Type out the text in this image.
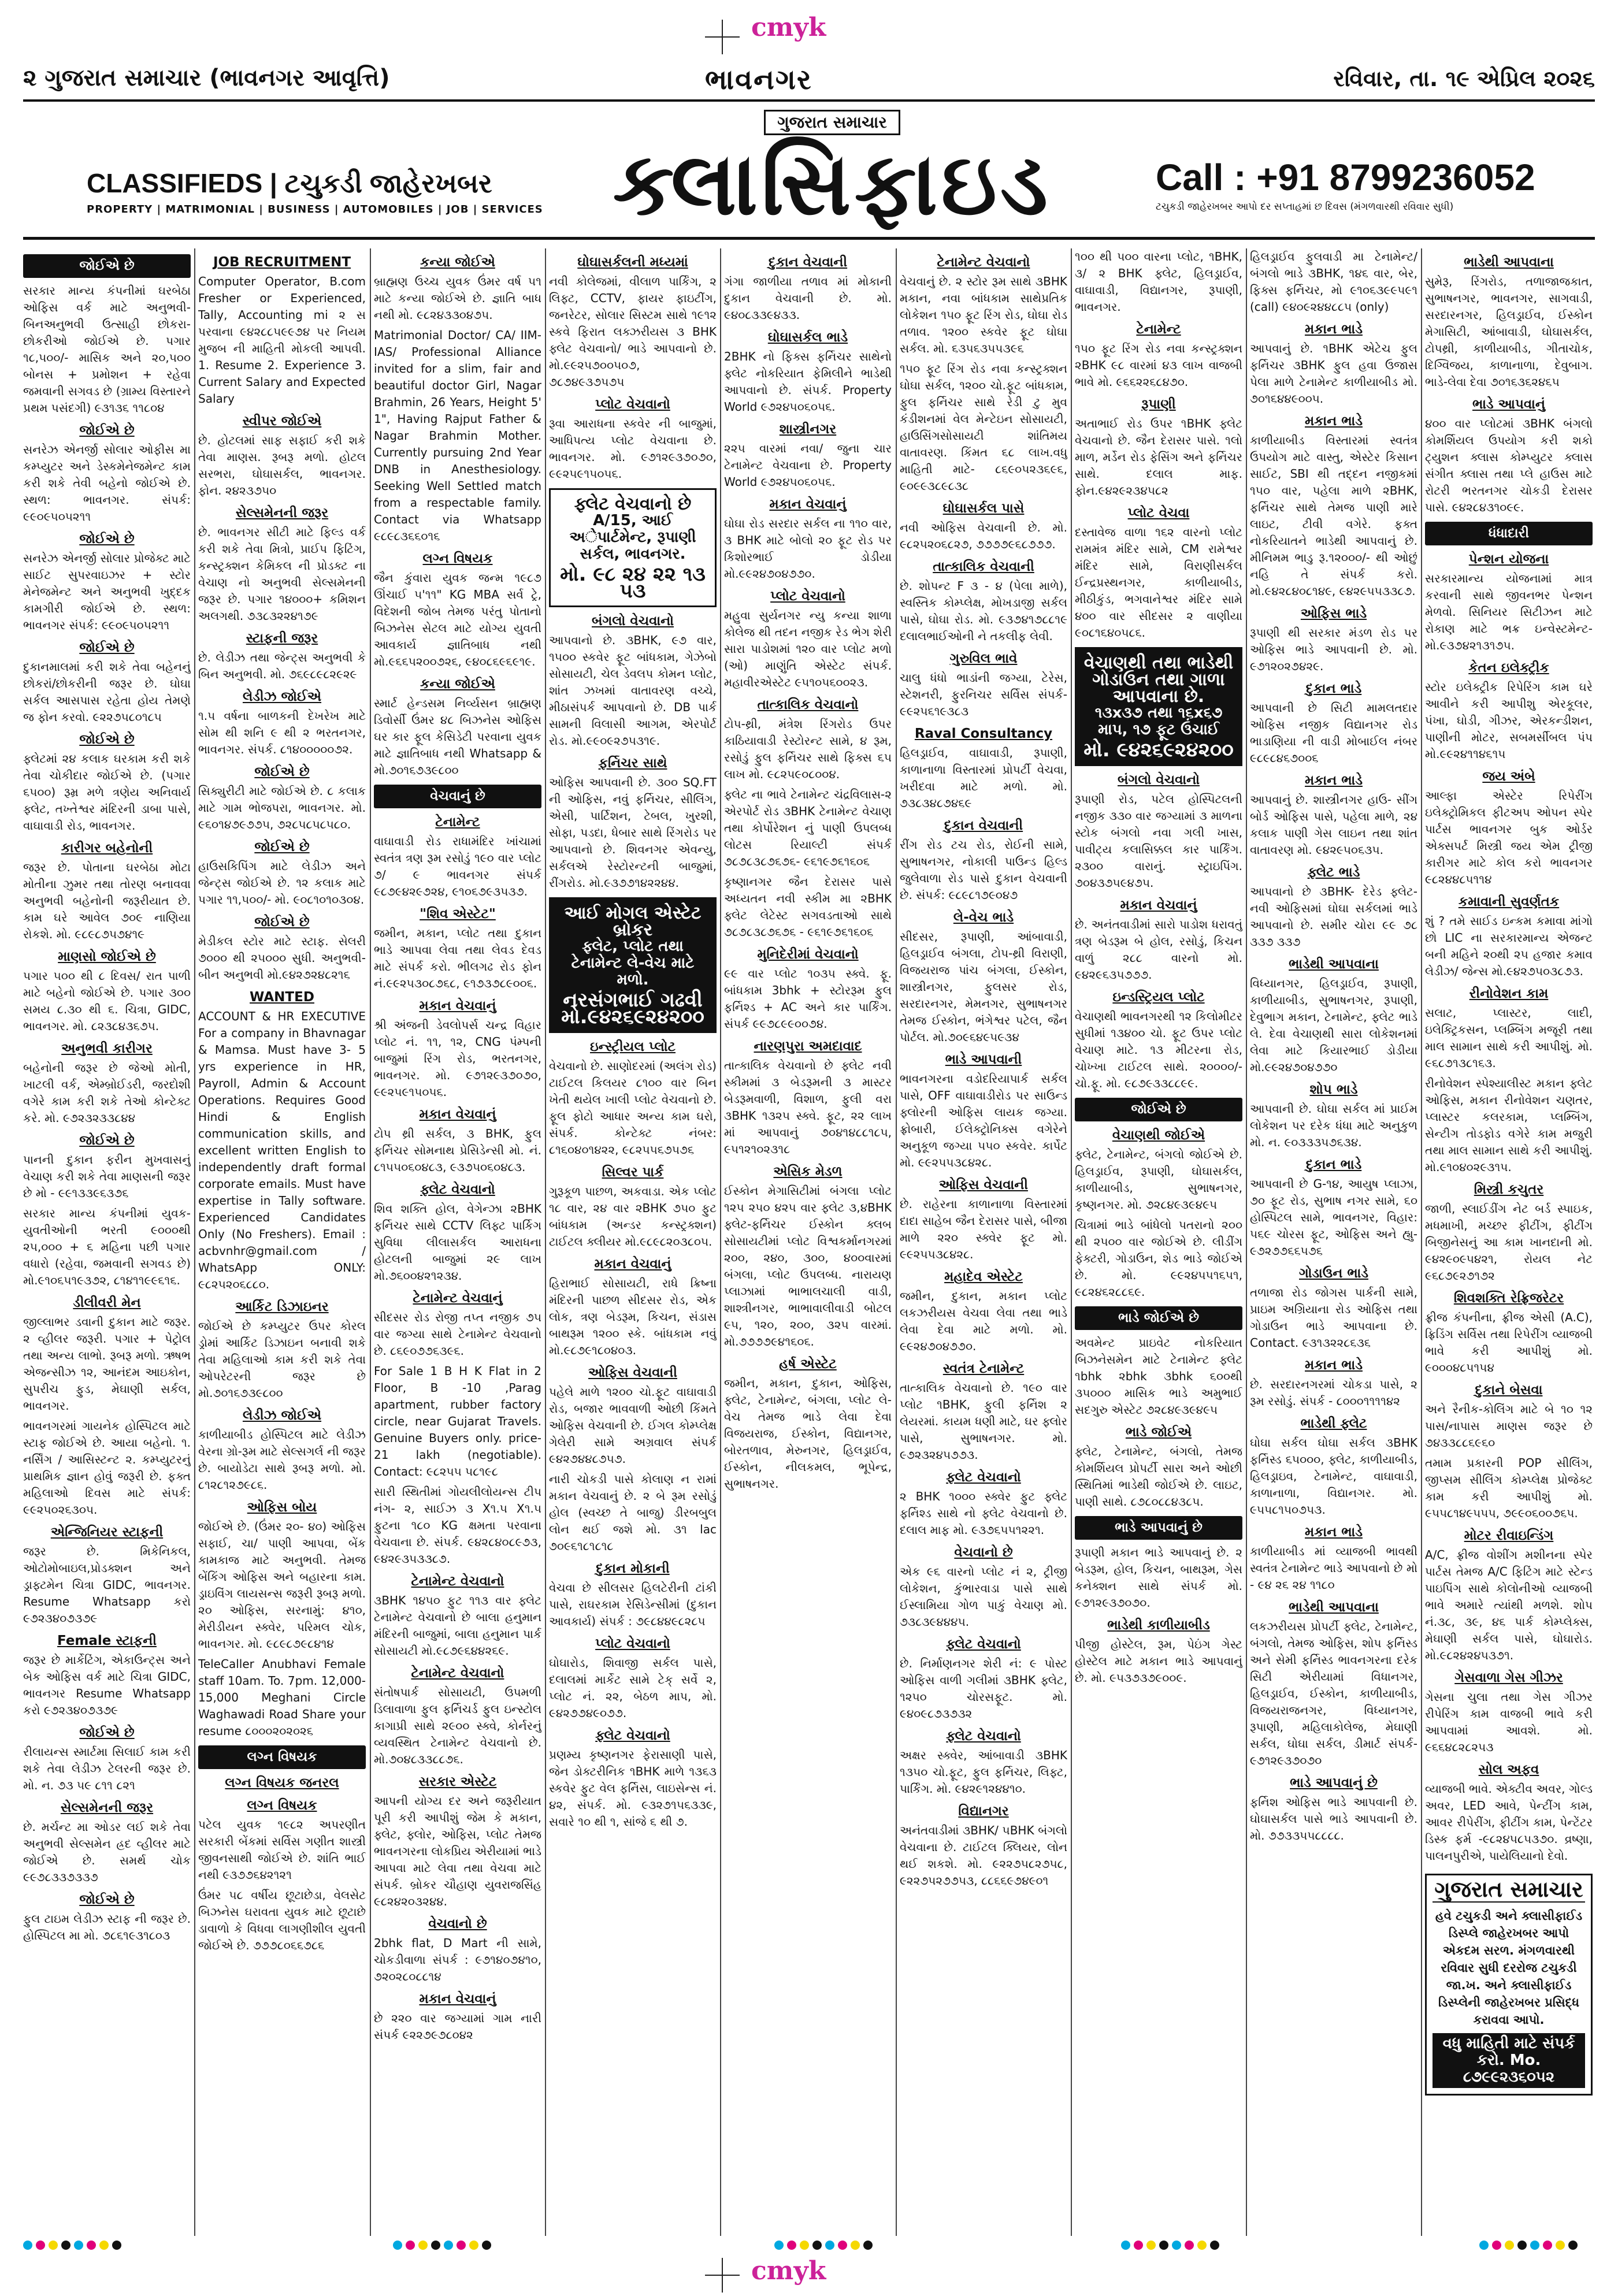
cmyk
૨ ગુજરાત સમાચાર (ભાવનગર આવૃત્તિ)	ભાવનગર	રવિવાર, તા. ૧૯ એપ્રિલ ૨૦૨૬
CLASSIFIEDS | ટચુકડી જાહેરખબર
PROPERTY | MATRIMONIAL | BUSINESS | AUTOMOBILES | JOB | SERVICES
ગુજરાત સમાચાર
ક્લાસિફાઇડ	Call : +91 8799236052
ટચુકડી જાહેરખબર આપો દર સપ્તાહમાં છ દિવસ (મંગળવારથી રવિવાર સુધી)
જોઈએ છે
સરકાર માન્ય કંપનીમાં ઘરબેઠા ઓફિસ વર્ક માટે અનુભવી-બિનઅનુભવી ઉત્સાહી છોકરા-છોકરીઓ જોઈએ છે. પગાર ૧૮,૫૦૦/- માસિક અને ૨૦,૫૦૦ બોનસ + પ્રમોશન + રહેવા જમવાની સગવડ છે (ગ્રામ્ય વિસ્તારને પ્રથમ પસંદગી) ૯૩૧૩૬ ૧૧૮૦૪
જોઈએ છે
સનરેઝ એનર્જી સોલાર ઓફીસ મા કમ્પ્યુટર અને ડેસ્કમેનેજમેન્ટ કામ કરી શકે તેવી બહેનો જોઈએ છે. સ્થળ: ભાવનગર. સંપર્ક: ૯૯૦૯૫૦૫૨૧૧
જોઈએ છે
સનરેઝ એનર્જી સોલાર પ્રોજેક્ટ માટે સાઈટ સુપરવાઇઝર + સ્ટોર મેનેજમેન્ટ અને અનુભવી ખુદ્દક કામગીરી જોઈએ છે. સ્થળ: ભાવનગર સંપર્ક: ૯૯૦૯૫૦૫૨૧૧
જોઈએ છે
દુકાનમાલમાં કરી શકે તેવા બહેનનું છોકરાં/છોકરીની જરૂર છે. ઘોઘા સર્કલ આસપાસ રહેતા હોય તેમણે જ ફોન કરવો. ૯૨૨૭૫૮૦૧૮૫
જોઈએ છે
ફ્લેટમાં ૨૪ કલાક ઘરકામ કરી શકે તેવા ચોકીદાર જોઈએ છે. (પગાર ૬૫૦૦) રૂમ્ર મળે ત્રણેય અનિવાર્ય ફ્લેટ, તખ્તેશ્વર મંદિરની ડાબા પાસે, વાઘાવાડી રોડ, ભાવનગર.
કારીગર બહેનોની
જરૂર છે. પોતાના ઘરબેઠા મોટા મોતીના ઝુમર તથા તોરણ બનાવવા અનુભવી બહેનોની જરૂરીયાત છે. કામ ઘરે આવેલ ૭૦૯ નાણિયા રોકશે. મો. ૯૮૯૮૭૫૭૪૧૯
માણસો જોઈએ છે
પગાર ૫૦૦ થી ૮ દિવસ/ રાત પાળી માટે બહેનો જોઈએ છે. પગાર ૩૦૦ સમય ૮.૩૦ થી ૬. ચિત્રા, GIDC, ભાવનગર. મો. ૮૨૩૮૪૩૬૭૫.
અનુભવી કારીગર
બહેનોની જરૂર છે જેઓ મોતી, ખાટલી વર્ક, એમ્બ્રોઈડરી, જરદોશી વગેરે કામ કરી શકે તેઓ કોન્ટેક્ટ કરે. મો. ૯૭૨૩૨૩૩૮૪૪
જોઈએ છે
પાનની દુકાન ફરીન મુખવાસનું વેચાણ કરી શકે તેવા માણસની જરૂર છે મો - ૯૯૧૩૩૯૬૩૭૬
સરકાર માન્ય કંપનીમાં યુવક-યુવતીઓની ભરતી ૯૦૦૦થી ૨૫,૦૦૦ + ૬ મહિના પછી પગાર વધારો (રહેવા, જમવાની સગવડ છે) મો.૯૧૦૬૫૧૯૩૭૨, ૮૧૪૧૧૯૯૬૧૬.
ડીલીવરી મેન
જીલ્લાભર ડવાની દુકાન માટે જરૂર. ૨ વ્હીલર જરૂરી. પગાર + પેટ્રોલ તથા અન્ય લાભો. રૂબરૂ મળો. ઋષભ એજન્સીઝ ૧૨, આનંદમ આઇકોન, સુપરીચ ફુડ, મેઘાણી સર્કલ, ભાવનગર.
ભાવનગરમાં ગાયનેક હોસ્પિટલ માટે સ્ટાફ જોઈએ છે. આયા બહેનો. ૧. નર્સિંગ / આસિસ્ટન્ટ ૨. કમ્પ્યુટરનું પ્રાથમિક જ્ઞાન હોવું જરૂરી છે. ફક્ત મહિલાઓ દિવસ માટે સંપર્ક: ૯૯૨૫૦૨૬૩૦૫.
એન્જિનિયર સ્ટાફની
જરૂર છે. મિકેનિકલ, ઓટોમોબાઇલ,પ્રોડક્શન અને ડ્રાફ્ટમેન ચિત્રા GIDC, ભાવનગર. Resume Whatsapp કરો ૯૭૨૩૪૦૭૩૭૯
Female સ્ટાફની
જરૂર છે માર્કેટિંગ, એકાઉન્ટ્સ અને બેક ઓફિસ વર્ક માટે ચિત્રા GIDC, ભાવનગર Resume Whatsapp કરો ૯૭૨૩૪૦૭૩૭૯
જોઈએ છે
રીલાયન્સ સ્માર્ટમા સિલાઈ કામ કરી શકે તેવા લેડીઝ ટેલરની જરૂર છે. મો. ન. ૭૩ ૫૯ ૮૧૧ ૮૨૧
સેલ્સમેનની જરૂર
છે. મર્ચન્ટ મા ઓડર લઈ શકે તેવા અનુભવી સેલ્સમેન હ્રદ વ્હીલર માટે જોઈએ છે. સમર્થ ચોક ૯૯૭૮૩૩૭૩૩૭
જોઈએ છે
ફુલ ટાઇમ લેડીઝ સ્ટાફ ની જરૂર છે. હોસ્પિટલ મા મો. ૭૮૬૧૯૩૧૮૦૩
JOB RECRUITMENT
Computer Operator, B.com Fresher or Experienced, Tally, Accounting mi ૨ સ પરવાના ૯૪૨૮૮૫૯૯૭૪ પર નિયમ મુજબ ની માહિતી મોકલી આપવી. 1. Resume 2. Experience 3. Current Salary and Expected Salary
સ્વીપર જોઈએ
છે. હોટલમાં સાફ સફાઈ કરી શકે તેવા માણસ. રૂબરૂ મળો. હોટલ સરભરા, ઘોઘાસર્કલ, ભાવનગર. ફોન. ૨૪૨૩૭૫૦
સેલ્સમેનની જરૂર
છે. ભાવનગર સીટી માટે ફિલ્ડ વર્ક કરી શકે તેવા મિત્રો, પ્રાઈપ ફિટિંગ, કન્સ્ટ્રક્શન કેમિકલ ની પ્રોડક્ટ ના વેચાણ નો અનુભવી સેલ્સમેનની જરૂર છે. પગાર ૧૪૦૦૦+ કમિશન અલગથી. ૭૩૮૩૨૨૪૧૭૯
સ્ટાફની જરૂર
છે. લેડીઝ તથા જેન્ટ્સ અનુભવી કે બિન અનુભવી. મો. ૭૬૯૮૯૮૨૯૨૯
લેડીઝ જોઈએ
૧.૫ વર્ષના બાળકની દેખરેખ માટે સોમ થી શનિ ૯ થી ૨ ભરતનગર, ભાવનગર. સંપર્ક. ૮૧૪૦૦૦૦૦૭૨.
જોઈએ છે
સિક્યુરીટી માટે જોઈએ છે. ૮ કલાક માટે ગામ ભોજપરા, ભાવનગર. મો. ૯૬૦૧૪૭૯૭૭૫, ૭૨૮૫૮૫૮૫૮૦.
જોઈએ છે
હાઉસકિપિંગ માટે લેડીઝ અને જેન્ટ્સ જોઈએ છે. ૧૨ કલાક માટે પગાર ૧૧,૫૦૦/- મો. ૯૦૮૧૦૧૦૩૦૪.
જોઈએ છે
મેડીકલ સ્ટોર માટે સ્ટાફ. સેલરી ૭૦૦૦ થી ૨૫૦૦૦ સુધી. અનુભવી- બીન અનુભવી મો.૯૪૨૭૨૪૮૨૧૬
WANTED
ACCOUNT & HR EXECUTIVE For a company in Bhavnagar & Mamsa. Must have 3- 5 yrs experience in HR, Payroll, Admin & Account Operations. Requires Good Hindi & English communication skills, and excellent written English to independently draft formal corporate emails. Must have expertise in Tally software. Experienced Candidates Only (No Freshers). Email : acbvnhr@gmail.com / WhatsApp ONLY: ૯૮૨૫૨૦૬૮૮૦.
આર્કિટ ડિઝાઇનર
જોઈએ છે કમ્પ્યુટર ઉપર કોરલ ડ્રોમાં આર્કિટ ડિઝાઇન બનાવી શકે તેવા મહિલાઓ કામ કરી શકે તેવા ઓપરેટરની જરૂર છે મો.૭૦૧૬૭૩૯૮૦૦
લેડીઝ જોઈએ
કાળીયાબીડ હોસ્પિટલ માટે લેડીઝ વેરના ગ્રો-રૂમ માટે સેલ્સગર્લ ની જરૂર છે. બાયોડેટા સાથે રૂબરૂ મળો. મો. ૮૧૨૮૧૨૭૯૮૬.
ઓફિસ બોય
જોઈએ છે. (ઉંમર ૨૦- ૪૦) ઓફિસ સફાઈ, ચા/ પાણી આપવા, બેંક કામકાજ માટે અનુભવી. તેમજ બેંકિંગ ઓફિસ અને બહારના કામ. ડ્રાઇવિંગ લાયસન્સ જરૂરી રૂબરૂ મળો. ૨૦ ઓફિસ, સરનામું: ૪૧૦, મેરીડીયન સ્ક્વેર, પરિમલ ચોક, ભાવનગર. મો. ૯૮૯૮૭૯૮૪૧૪
TeleCaller Anubhavi Female staff 10am. To. 7pm. 12,000-15,000 Meghani Circle Waghawadi Road Share your resume ૮૦૦૦૨૦૨૦૨૬
લગ્ન વિષયક
લગ્ન વિષયક જનરલ
લગ્ન વિષયક
પટેલ યુવક ૧૯૮૨ અપરણીત સરકારી બેંકમાં સર્વિસ ગણીત શાસ્ત્રી જીવનસાથી જોઈએ છે. શાંતિ ભાઈ નથી ૯૩૭૭૬૪૨૧૨૧
ઉંમર ૫૮ વર્ષીય છૂટાછેડા, વેલસેટ બિઝનેસ ઘરાવતા યુવક માટે છૂટાછે ડાવાળો કે વિધવા લાગણીશીલ યુવતી જોઈએ છે. ૭૭૭૮૦૬૬૭૮૬
કન્યા જોઈએ
બ્રાહ્મણ ઉચ્ચ યુવક ઉંમર વર્ષ ૫૧ માટે કન્યા જોઈએ છે. જ્ઞાતિ બાધ નથી મો. ૯૮૨૪૩૩૦૪૭૫.
Matrimonial Doctor/ CA/ IIM- IAS/ Professional Alliance invited for a slim, fair and beautiful doctor Girl, Nagar Brahmin, 26 Years, Height 5' 1", Having Rajput Father & Nagar Brahmin Mother. Currently pursuing 2nd Year DNB in Anesthesiology. Seeking Well Settled match from a respectable family. Contact via Whatsapp ૯૮૯૮૩૬૬૦૧૬
લગ્ન વિષયક
જૈન કુંવારા યુવક જન્મ ૧૯૮૭ ઊંચાઈ ૫'૧૧" KG MBA સર્વ ટ્રે, વિદેશની જોબ તેમજ પરંતુ પોતાનો બિઝનેસ સેટલ માટે યોગ્ય યુવતી આવકાર્ય જ્ઞાતિબાધ નથી મો.૯૬૬૫૨૦૦૭૨૬, ૯૪૦૮૬૯૬૯૧૯.
કન્યા જોઈએ
સ્માર્ટ હેન્ડસમ નિર્વ્યસન બ્રાહ્મણ ડિવોર્સી ઉંમર ૪૮ બિઝનેસ ઓફિસ ઘર કાર ફૂલ કેસિડેટી પરવાના યુવક માટે જ્ઞાતિબાધ નથી Whatsapp & મો.૭૦૧૬૭૩૯૮૦૦
વેચવાનું છે
ટેનામેન્ટ
વાઘાવાડી રોડ રાધામંદિર ખાંચામાં સ્વતંત્ર ત્રણ રૂમ રસોડું ૧૯૦ વાર પ્લોટ ૭/ ૯ ભાવનગર સંપર્ક ૯૮૭૯૪૨૯૭૨૪, ૯૧૦૬૭૯૩૫૩૭.
"શિવ એસ્ટેટ"
જમીન, મકાન, પ્લોટ તથા દુકાન ભાડે આપવા લેવા તથા લેવડ દેવડ માટે સંપર્ક કરો. ભીલગઢ રોડ ફોન નં.૯૯૨૫૩૦૮૭૬૮, ૯૧૭૩૭૮૯૦૦૬.
મકાન વેચવાનું
શ્રી અંજની ડેવલોપર્સ ચન્દ્ર વિહાર પ્લોટ નં. ૧૧, ૧૨, CNG પંમ્પની બાજુમાં રિંગ રોડ, ભરતનગર, ભાવનગર. મો. ૯૭૧૨૯૩૭૦૭૦, ૯૯૨૫૯૧૫૦૫૬.
મકાન વેચવાનું
ટોપ થ્રી સર્કલ, ૩ BHK, ફુલ ફર્નિચર સોમનાથ પ્રેસિડેન્સી મો. નં. ૮૧૫૫૦૬૦૪૮૩, ૯૩૭૫૦૬૦૪૮૩.
ફ્લેટ વેચવાનો
શિવ શક્તિ હોલ, વેગેન્ઝા ૨BHK ફર્નિચર સાથે CCTV લિફ્ટ પાર્કિગ સુવિધા લીલાસર્કલ આરાધના હોટલની બાજુમાં ૨૯ લાખ મો.૭૬૦૦૪૨૧૨૩૪.
ટેનામેન્ટ વેચવાનું
સીદસર રોડ રોજી તપ્ત નજીક ૭૫ વાર જગ્યા સાથે ટેનામેન્ટ વેચવાનો છે. ૮૬૯૦૭૭૬૩૯૬.
For Sale 1 B H K Flat in 2 Floor, B -10 ,Parag apartment, rubber factory circle, near Gujarat Travels. Genuine Buyers only. price- 21 lakh (negotiable). Contact: ૯૮૨૫૫ ૫૮૧૯૮
સારી સ્થિતીમાં ગોયલીલોયન્સ ટીપ નંગ- ૨, સાઈઝ ૩ X૧.૫ X૧.૫ ફુટના ૧૮૦ KG ક્ષમતા પરવાના વેચવાના છે. સંપર્ક. ૯૪૨૮૪૦૮૯૭૩, ૯૪૨૯૩૫૩૩૮૭.
ટેનામેન્ટ વેચવાનો
૩BHK ૧૪૫૦ ફુટ ૧૧૩ વાર ફ્લેટ ટેનામેન્ટ વેચવાનો છે બાલા હનુમાન મંદિરની બાજુમાં, બાલા હનુમાન પાર્ક સોસાયટી મો.૯૮૭૯૬૪૪૨૬૯.
ટેનામેન્ટ વેચવાનો
સંતોષપાર્ક સોસાયટી, ઉપમળી ડિલાવાળા ફુલ ફર્નિચર્ડ ફુલ ઇન્સ્ટોલ કાગાપ્રી સાથે ૨૯૦૦ સ્ક્વે, કોર્નરનું વ્યવસ્થિત ટેનામેન્ટ વેચવાનો છે. મો.૭૦૪૮૩૩૮૮૭૬.
સરકાર એસ્ટેટ
આપની યોગ્ય દર અને જરૂરીયાત પૂરી કરી આપીશું જેમ કે મકાન, ફ્લેટ, ફ્લોર, ઓફિસ, પ્લોટ તેમજ ભાવનગરના લોકપ્રિય એરીયામાં ભાડે આપવા માટે લેવા તથા વેચવા માટે સંપર્ક. બ્રોકર ચૌહાણ યુવરાજસિંહ ૯૮૨૪૨૦૩૨૪૪.
વેચવાનો છે
2bhk flat, D Mart ની સામે, ચોકડીવાળા સંપર્ક : ૯૭૧૪૦૭૪૧૦, ૭૨૦૨૮૦૮૮૧૪
મકાન વેચવાનું
છે ૨૨૦ વાર જગ્યામાં ગામ નારી સંપર્ક ૯૨૨૭૯૭૮૦૪૨
ઘોઘાસર્કલની મધ્યમાં
નવી કોલેજમાં, વીલાળ પાર્કિંગ, ૨ લિફ્ટ, CCTV, ફાયર ફાઇટીંગ, જનરેટર, સોલાર સિસ્ટમ સાથે ૧૯૧૨ સ્કવે ફિરાત લક્ઝરીયસ ૩ BHK ફ્લેટ વેચવાનો/ ભાડે આપવાનો છે. મો.૯૯૨૫૭૦૦૫૦૭, ૭૮૭૪૯૩૭૫૭૫
પ્લોટ વેચવાનો
રૂવા આરાધના સ્કવેર ની બાજુમાં, આધિપત્ય પ્લોટ વેચવાના છે. ભાવનગર. મો. ૯૭૧૨૯૩૭૦૭૦, ૯૯૨૫૯૧૫૦૫૬.
ફ્લેટ વેચવાનો છે
A/15, આઈ અેપાર્ટમેન્ટ, રૂપાણી સર્કલ, ભાવનગર.
મો. ૯૮ ૨૪ ૨૨ ૧૩ ૫૩
બંગલો વેચવાનો
આપવાનો છે. ૩BHK, ૯૭ વાર, ૧૫૦૦ સ્કવેર ફૂટ બાંધકામ, ગેઝેબો સોસાયટી, ચેલ ડેવલપ કોમન પ્લોટ, શાંત ઝખમાં વાતાવરણ વચ્ચે, મીઠાસંપર્ક આપવાનો છે. DB પાર્ક સામની વિલાસી આગમ, એરપોર્ટ રોડ. મો.૯૯૦૯૨૭૫૩૧૯.
ફર્નિચર સાથે
ઓફિસ આપવાની છે. ૩૦૦ SQ.FT ની ઓફિસ, નવું ફર્નિચર, સીલિંગ, એસી, પાર્ટિશન, ટેબલ, ખુરશી, સોફા, પડદા, ધેબાર સાથે રિંગરોડ પર આપવાનો છે. શિવનગર એવન્યુ, સર્કલએ રેસ્ટોરન્ટની બાજુમાં, રીંગરોડ. મો.૯૩૭૭૧૪૨૨૪૪.
આઈ મોગલ એસ્ટેટ બ્રોકર
ફ્લેટ, પ્લોટ તથા ટેનામેન્ટ લે-વેચ માટે મળો.
નરસંગભાઈ ગઢવી મો.૯૪૨૬૯૨૪૨૦૦
ઇન્સ્ટ્રીયલ પ્લોટ
વેચવાનો છે. સાણોદરમાં (અલંગ રોડ) ટાઈટલ કિલયર ૮૧૦૦ વાર બિન ખેતી થયેલ ખાલી પ્લોટ વેચવાનો છે. ફૂલ ફોટો આધાર અન્ય કામ ઘરો, સંપર્ક. કોન્ટેક્ટ નંબર: ૮૧૬૦૪૦૧૪૨૨, ૯૮૨૫૫૬૭૫૭૬
સિલ્વર પાર્ક
ગુરૂકૂળ પાછળ, અકવાડા. એક પ્લોટ ૧૮ વાર, ૨૪ વાર ૨BHK ૭૫૦ ફુટ બાંધકામ (અન્ડર કન્સ્ટ્રક્શન) ટાઈટલ ક્લીયર મો.૯૮૯૮૨૦૩૮૦૫.
મકાન વેચવાનું
હિરાભાઈ સોસાયટી, રાધે ક્રિષ્ના મંદિરની પાછળ સીદસર રોડ, એક લોક, ત્રણ બેડરૂમ, કિચન, સંડાસ બાથરૂમ ૧૨૦૦ સ્કે. બાંધકામ નવું મો.૯૮૭૯૧૮૦૪૦૩.
ઓફિસ વેચવાની
પહેલે માળે ૧૨૦૦ ચો.ફૂટ વાઘાવાડી રોડ, બજાર ભાવવાળી ઓછી કિંમતે ઓફિસ વેચવાની છે. ઈગલ કોમ્પ્લેક્ષ ગેલેરી સામે અગ્રવાલ સંપર્ક ૯૪૨૭૪૪૮૭૫૭.
નારી ચોકડી પાસે કોલાણ ન રામાં મકાન વેચવાનું છે. ૨ બે રૂમ રસોડું હોલ (સ્વચ્છ તે બાજુ) ડીરબબુલ લોન થઈ જશે મો. ૩૧ lac ૭૦૯૬૧૮૧૮૧૮
દુકાન મોકાની
વેચવા છે સીલસર હિલટેરીની ટાંકી પાસે, રાઘરકામ રેસિડેન્સીમાં (દુકાન આવકાર્ય) સંપર્ક : ૭૯૮૪૪૯૮૨૮૫
પ્લોટ વેચવાનો
ઘોઘારોડ, શિવાજી સર્કલ પાસે, દલાલમાં માર્કેટ સામે ટેક્ સર્વે ૨, પ્લોટ નં. ૨૨, બેઠળ માપ, મો. ૯૪૨૭૭૪૯૦૭૭.
ફ્લેટ વેચવાનો
પ્રણમ્ય કૃષ્ણનગર ફેરાસાણી પાસે, જેન ડોક્ટરીનિક ૧BHK માળે ૧૩૬૩ સ્કવેર ફુટ વેલ ફર્નિસ, લાઇસેન્સ નં. ૪૨, સંપર્ક. મો. ૯૩૨૭૧૫૬૩૩૯, સવારે ૧૦ થી ૧, સાંજે ૬ થી ૭.
દુકાન વેચવાની
ગંગા જાળીયા તળાવ માં મોકાની દુકાન વેચવાની છે. મો. ૯૪૦૮૩૩૯૪૩૩.
ઘોઘાસર્કલ ભાડે
2BHK નો ફિક્સ ફર્નિચર સાથેનો ફ્લેટ નોકરિયાત ફેમિલીને ભાડેથી આપવાનો છે. સંપર્ક. Property World ૯૭૨૪૫૦૬૦૫૬.
શાસ્ત્રીનગર
૨૨૫ વારમાં નવા/ જુના ચાર ટેનામેન્ટ વેચવાના છે. Property World ૯૭૨૪૫૦૬૦૫૬.
મકાન વેચવાનું
ઘોઘા રોડ સરદાર સર્કલ ના ૧૧૦ વાર, ૩ BHK માટે બોલો ૨૦ ફૂટ રોડ પર કિશોરભાઈ ડોડીયા મો.૯૯૨૪૭૦૪૭૭૦.
પ્લોટ વેચવાનો
મહુવા સુર્યનગર ન્યુ કન્યા શાળા કોલેજ થી તદન નજીક રેડ ભેગ શેરી સારા પાડોશમાં ૧૨૦ વાર પ્લોટ મળો (ઓ) માણુંતિ એસ્ટેટ સંપર્ક. મહાવીરએસ્ટેટ ૯૫૧૦૫૬૦૦૨૩.
તાત્કાલિક વેચવાનો
ટોપ-થ્રી, મંત્રેશ રિંગરોડ ઉપર કાઠિયાવાડી રેસ્ટોરન્ટ સામે, ૪ રૂમ, રસોડું ફુલ ફર્નિચર સાથે ફિક્સ ૬૫ લાખ મો. ૯૮૨૫૯૦૮૦૦૪.
ફ્લેટ ના ભાવે ટેનામેન્ટ ચંદ્રવિલાસ-૨ એરપોર્ટ રોડ ૩BHK ટેનામેન્ટ વેચાણ તથા કોર્પોરેશન નું પાણી ઉપલબ્ધ લોટસ રિયાલ્ટી સંપર્ક ૭૮૭૮૩૮૭૬૭૬- ૯૬૧૯૭૬૧૬૦૬
કૃષ્ણાનગર જૈન દેરાસર પાસે અધ્યતન નવી સ્કીમ મા ૨BHK ફ્લેટ લેટેસ્ટ સગવડતાઓ સાથે ૭૮૭૮૩૮૭૬૭૬ - ૯૬૧૯૭૬૧૬૦૬
મુનિદેરીમાં વેચવાનો
૯૯ વાર પ્લોટ ૧૦૩૫ સ્ક્વે. ફૂ. બાંધકામ 3bhk + સ્ટોરરૂમ ફુલ ફર્નિશ્ડ + AC અને કાર પાર્કિંગ. સંપર્ક ૯૯૭૮૯૯૦૦૭૪.
નારણપુરા અમદાવાદ
તાત્કાલિક વેચવાનો છે ફ્લેટ નવી સ્કીમમાં ૩ બેડરૂમની ૩ માસ્ટર બેડરૂમવાળી, વિશાળ, ફુલી વરા ૩BHK ૧૩૨૫ સ્ક્વે. ફૂટ, ૨૨ લાખ માં આપવાનું ૭૦૪૧૪૮૮૧૮૫, ૯૫૧૨૧૦૨૩૧૮
એસિક મેડળ
ઈસ્કોન મેગાસિટીમાં બંગલા પ્લોટ ૧૨૫ ૨૫૦ ૪૨૫ વાર ફ્લેટ ૩,૪BHK ફ્લેટ-ફર્નિચર ઈસ્કોન ક્લબ સોસાયટીમાં પ્લોટ વિશ્વકર્માનગરમાં ૨૦૦, ૨૪૦, ૩૦૦, ૪૦૦વારમાં બંગલા, પ્લોટ ઉપલબ્ધ. નારાયણ પ્લાઝામાં ભાભાલચાલી વાડી, શાશ્ત્રીનગર, ભાભાવાલીવાડી બોટલ ૯૫, ૧૨૦, ૨૦૦, ૩૨૫ વારમાં. મો.૭૭૭૭૯૪૧૬૦૬.
હર્ષ એસ્ટેટ
જમીન, મકાન, દુકાન, ઓફિસ, ફ્લેટ, ટેનામેન્ટ, બંગલા, પ્લોટ લે- વેચ તેમજ ભાડે લેવા દેવા વિજયરાજ, ઈસ્કોન, વિદ્યાનગર, બોરતળાવ, મેરુનગર, હિલડ્રાઈવ, ઈસ્કોન, નીલકમલ, ભૂપેન્દ્ર, સુભાષનગર.
ટેનામેન્ટ વેચવાનો
વેચવાનું છે. ૨ સ્ટોર રૂમ સાથે ૩BHK મકાન, નવા બાંધકામ સાથેપ્રતિક લોકેશન ૧૫૦ ફૂટ રિંગ રોડ, ઘોઘા રોડ તળાવ. ૧૨૦૦ સ્કવેર ફૂટ ઘોઘા સર્કલ. મો. ૬૩૫૬૩૫૫૩૯૬
૧૫૦ ફૂટ રિંગ રોડ નવા કન્સ્ટ્રક્શન ઘોઘા સર્કલ, ૧૨૦૦ ચો.ફૂટ બાંધકામ, ફુલ ફર્નિચર સાથે રેડી ટુ મુવ કંડીશનમાં વેલ મેન્ટેઇન સોસાયટી, હાઉસિંગસોસાયટી શાંતિમય વાતાવરણ. કિંમત ૬૮ લાખ.વધુ માહિતી માટે- ૮૬૯૦૫૨૩૬૯૬, ૯૦૯૯૩૮૯૮૩૮
ઘોઘાસર્કલ પાસે
નવી ઓફિસ વેચવાની છે. મો. ૯૮૨૫૨૦૬૮૨૭, ૭૭૭૭૯૬૮૭૭૭.
તાત્કાલિક વેચવાની
છે. શોપન્ટ F ૩ - ૪ (પેલા માળે), સ્વસ્તિક કોમ્પ્લેક્ષ, મોખડાજી સર્કલ પાસે, ઘોઘા રોડ. મો. ૯૩૭૪૧૭૮૮૧૯ દલાલભાઈઓની ને તકલીફ લેવી.
ગુરુવિલ ભાવે
ચાલુ ધંધો ભાડાંની જગ્યા, ટેરેસ, સ્ટેશનરી, ફુરનિચર સર્વિસ સંપર્ક- ૯૯૨૫૬૧૯૩૮૩
Raval Consultancy
હિલડ્રાઈવ, વાઘાવાડી, રૂપાણી, કાળાનાળા વિસ્તારમાં પ્રોપર્ટી વેચવા, ખરીદવા માટે મળો. મો. ૭૩૮૩૪૮૭૪૬૯
દુકાન વેચવાની
રીંગ રોડ ટચ રોડ, રોઈની સામે, સુભાષનગર, નોકાલી પાઉન્ડ હિલ્ડ જુલેવાળા રોડ પાસે દુકાન વેચવાની છે. સંપર્ક: ૯૮૯૮૧૭૯૦૪૭
લે-વેચ ભાડે
સીદસર, રૂપાણી, આંબાવાડી, હિલડ્રાઈવ બંગલા, ટોપ-થ્રી વિરાણી, વિજયરાજ પાંચ બંગલા, ઈસ્કોન, શાસ્ત્રીનગર, ફુલસર રોડ, સરદારનગર, મેમનગર, સુભાષનગર તેમજ ઈસ્કોન, ભંગેશ્વર પટેલ, જૈન પોર્ટલ. મો.૭૦૯૬૪૯૫૯૩૪
ભાડે આપવાની
ભાવનગરના વડોદરિયાપાર્ક સર્કલ પાસે, OFF વાઘાવાડીરોડ પર સાઉન્ડ ફ્લોરની ઓફિસ લાયક જગ્યા. ફ્રોબારી, ઈલેક્ટ્રોનિક્સ વગેરેને અનુકૂળ જગ્યા ૫૫૦ સ્કવેર. કાર્પેટ મો. ૯૯૨૫૫૩૮૪૨૮.
ઓફિસ વેચવાની
છે. રાહેરના કાળાનાળા વિસ્તારમાં દાદા સાહેબ જૈન દેરાસર પાસે, બીજા માળે ૨૨૦ સ્ક્વેર ફૂટ મો. ૯૯૨૫૫૩૮૪૨૮.
મહાદેવ એસ્ટેટ
જમીન, દુકાન, મકાન પ્લોટ લકઝરીયસ વેચવા લેવા તથા ભાડે લેવા દેવા માટે મળો. મો. ૯૯૨૪૭૦૪૭૭૦.
સ્વતંત્ર ટેનામેન્ટ
તાત્કાલિક વેચવાનો છે. ૧૯૦ વાર પ્લોટ ૧BHK, ફુલી ફર્નિશ ૨ લેયરમાં. કાયમ ધણી માટે, ઘર ફ્લોર પાસે, સુભાષનગર. મો. ૯૭૨૩૨૪૫૭૭૩.
ફ્લેટ વેચવાનો
૨ BHK ૧૦૦૦ સ્ક્વેર ફુટ ફ્લેટ ફર્નિશ્ડ સાથે નો ફ્લેટ વેચવાનો છે. દલાલ માફ મો. ૯૩૭૬૫૫૧૨૨૧.
વેચવાનો છે
એક ૯૬ વારનો પ્લોટ નં ૨, ટ્રીજી લોકેશન, કુંભારવાડા પાસે સાથે ઈસ્લામિયા ગોળ પાકું વેચાણ મો. ૭૩૮૩૯૪૪૪૫.
ફ્લેટ વેચવાનો
છે. નિર્માણનગર શેરી નં: ૯ પોસ્ટ ઓફિસ વાળી ગલીમાં ૩BHK ફ્લેટ, ૧૨૫૦ ચોરસફૂટ. મો. ૯૪૦૯૮૭૩૭૩૨
ફ્લેટ વેચવાનો
અક્ષર સ્ક્વેર, આંબાવાડી ૩BHK ૧૩૫૦ ચો.ફૂટ, ફુલ ફર્નિચર, લિફ્ટ, પાર્કિંગ. મો. ૯૪૨૯૧૨૪૪૧૦.
વિદ્યાનગર
અનંતવાડીમાં ૩BHK/ ૫BHK બંગલો વેચવાના છે. ટાઈટલ ક્લિયર, લોન થઈ શકશે. મો. ૯૨૨૭૫૮૨૭૫૮, ૯૨૨૭૫૨૭૭૫૩, ૮૮૬૬૯૭૪૯૦૧
૧૦૦ થી ૫૦૦ વારના પ્લોટ, ૧BHK, ૩/ ૨ BHK ફ્લેટ, હિલડ્રાઈવ, વાઘાવાડી, વિદ્યાનગર, રૂપાણી, ભાવનગર.
ટેનામેન્ટ
૧૫૦ ફૂટ રિંગ રોડ નવા કન્સ્ટ્રક્શન ૨BHK ૯૮ વારમાં ૪૩ લાખ વાજબી ભાવે મો. ૯૬૬૨૨૬૮૪૭૦.
રૂપાણી
અતાભાઈ રોડ ઉપર ૧BHK ફ્લેટ વેચવાનો છે. જૈન દેરાસર પાસે. ૧લો માળ, મર્ડેન રોડ ફેસિંગ અને ફર્નિચર સાથે. દલાલ માફ. ફોન.૯૪૨૯૨૩૪૫૮૨
પ્લોટ વેચવા
દસ્તાવેજ વાળા ૧૬૨ વારનો પ્લોટ રામમંત્ર મંદિર સામે, CM રામેશ્વર મંદિર સામે, વિરાણીસર્કલ ઈન્દ્રપ્રસ્થનગર, કાળીયાબીડ, મીઠીકુંડ, ભગવાનેશ્વર મંદિર સામે ૪૦૦ વાર સીદસર ૨ વાણીયા ૯૦૮૧૬૪૦૫૮૬.
વેચાણથી તથા ભાડેથી ગોડાઉન તથા ગાળા આપવાના છે.
૧૩x૩૭ તથા ૧૬x૬૭ માપ, ૧૭ ફૂટ ઉંચાઈ
મો. ૯૪૨૬૯૨૪૨૦૦
બંગલો વેચવાનો
રૂપાણી રોડ, પટેલ હોસ્પિટલની નજીક ૩૩૦ વાર જગ્યામાં ૩ માળના સ્ટોક બંગલો નવા ગલી ખાસ, પાવીટ્ય કલાસિક્કલ કાર પાર્કિંગ. ૨૩૦૦ વારાનું. સ્ટ્રાઇપિંગ. ૭૦૪૩૭૫૯૪૭૫.
મકાન વેચવાનું
છે. અનંતવાડીમાં સારો પાડોશ ધરાવતું ત્રણ બેડરૂમ બે હોલ, રસોડું, કિચન વાળું ૨૮૮ વારનો મો. ૯૪૨૯૬૩૫૭૭૭.
ઇન્ડસ્ટ્રિયલ પ્લોટ
વેચાણથી ભાવનગરથી ૧૨ કિલોમીટર સુધીમાં ૧૩૪૦૦ ચો. ફૂટ ઉપર પ્લોટ વેચાણ માટે. ૧૩ મીટરના રોડ, ચોખ્ખા ટાઈટલ સાથે. ૨૦૦૦૦/- ચો.ફૂ. મો. ૯૮૭૯૩૩૮૮૯૯.
જોઈએ છે
વેચાણથી જોઈએ
ફ્લેટ, ટેનામેન્ટ, બંગલો જોઈએ છે. હિલડ્રાઈવ, રૂપાણી, ઘોઘાસર્કલ, કાળીયાબીડ, સુભાષનગર, કૃષ્ણનગર. મો. ૭૨૮૪૯૩૯૪૯૫
ચિત્રામાં ભાડે બાંધેલો પતરાનો ૨૦૦ થી ૨૫૦૦ વાર જોઈએ છે. લીડીંગ ફેક્ટરી, ગોડાઉન, શેડ ભાડે જોઈએ છે. મો. ૯૯૨૪૫૫૧૬૫૧, ૯૮૨૪૬૨૮૮૬૯.
ભાડે જોઈએ છે
અવમેન્ટ પ્રાઇવેટ નોકરિયાત બિઝનેસમેન માટે ટેનામેન્ટ ફ્લેટ ૧bhk ૨bhk ૩bhk ૬૦૦થી ૩૫૦૦૦ માસિક ભાડે અમુભાઈ સદગુરુ એસ્ટેટ ૭૨૮૪૯૩૯૪૯૫
ભાડે જોઈએ
ફ્લેટ, ટેનામેન્ટ, બંગલો, તેમજ કોમર્શિયલ પ્રોપર્ટી સારા અને ઓછી સ્થિતિમાં ભાડેથી જોઈએ છે. લાઇટ, પાણી સાથે. ૮૭૮૦૮૮૪૩૮૫.
ભાડે આપવાનું છે
રૂપાણી મકાન ભાડે આપવાનું છે. ૨ બેડરૂમ, હોલ, કિચન, બાથરૂમ, ગેસ કનેક્શન સાથે સંપર્ક મો. ૯૭૧૨૯૩૭૦૭૦.
ભાડેથી કાળીયાબીડ
પીજી હોસ્ટેલ, રૂમ, પેઇંગ ગેસ્ટ હોસ્ટેલ માટે મકાન ભાડે આપવાનું છે. મો. ૯૫૩૭૩૭૯૦૦૯.
હિલડ્રાઈવ ફુલવાડી મા ટેનામેન્ટ/બંગલો ભાડે ૩BHK, ૧૪૬ વાર, બેર, ફિક્સ ફર્નિચર, મો ૯૧૦૬૩૯૯૫૯૧ (call) ૯૪૦૯૨૪૪૮૮૫ (only)
મકાન ભાડે
આપવાનું છે. ૧BHK એટેચ ફુલ ફર્નિચર ૩BHK ફુલ હવા ઉજાસ પેલા માળે ટેનામેન્ટ કાળીયાબીડ મો. ૭૦૧૬૪૪૯૦૦૫.
મકાન ભાડે
કાળીયાબીડ વિસ્તારમાં સ્વતંત્ર ઉપયોગ માટે વાસ્તુ, એસ્ટેર કિસાન સાઈટ, SBI થી તદ્દન નજીકમાં ૧૫૦ વાર, પહેલા માળે ૨BHK, ફર્નિચર સાથે તેમજ પાણી મારે લાઇટ, ટીવી વગેરે. ફક્ત નોકરિયાતને ભાડેથી આપવાનું છે. મીનિમમ ભાડુ રૂ.૧૨૦૦૦/- થી ઓછું નહિ તે સંપર્ક કરો. મો.૯૪૨૮૪૦૮૧૪૯, ૯૪૨૯૫૫૩૩૮૭.
ઓફિસ ભાડે
રૂપાણી થી સરકાર મંડળ રોડ પર ઓફિસ ભાડે આપવાની છે. મો. ૯૭૧૨૦૨૭૪૨૯.
દુકાન ભાડે
આપવાની છે સિટી મામલતદાર ઓફિસ નજીક વિદ્યાનગર રોડ ભાડાણિયા ની વાડી મોબાઈલ નંબર ૯૮૯૮૪૬૭૦૦૬
મકાન ભાડે
આપવાનું છે. શાસ્ત્રીનગર હાઉ- સીંગ બોર્ડ ઓફિસ પાસે, પહેલા માળે, ૨૪ કલાક પાણી ગેસ લાઇન તથા શાંત વાતાવરણ મો. ૯૪૨૯૫૦૬૩૫.
ફ્લેટ ભાડે
આપવાનો છે ૩BHK- દેરેડ ફ્લેટ- નવી ઓફિસમાં ઘોઘા સર્કલમાં ભાડે આપવાનો છે. સમીર ચોરા ૯૯ ૭૮ ૩૩૭ ૩૩૭
ભાડેથી આપવાના
વિધ્યાનગર, હિલડ્રાઈવ, રૂપાણી, કાળીયાબીડ, સુભાષનગર, રૂપાણી, દેવુભાગ મકાન, ટેનામેન્ટ, ફ્લેટ ભાડે લે. દેવા વેચાણથી સારા લોકેશનમાં લેવા માટે કિયારભાઈ ડોડીયા મો.૯૯૨૪૭૦૪૭૭૦
શોપ ભાડે
આપવાની છે. ઘોઘા સર્કલ માં પ્રાઈમ લોકેશન પર દરેક ધંધા માટે અનુકુળ મો. ન. ૯૦૩૩૩૫૭૬૩૪.
દુકાન ભાડે
આપવાની છે G-૧૪, આયુષ પ્લાઝા, ૭૦ ફૂટ રોડ, સુભાષ નગર સામે, ૬૦ હોસ્પિટલ સામે, ભાવનગર, વિહાર: ૫૬૯ ચોરસ ફૂટ, ઓફિસ અને હ્યુ- ૯૭૨૭૭૬૬૫૭૬
ગોડાઉન ભાડે
તળાજા રોડ જોગસ પાર્કની સામે, પ્રાઇમ અગ્રિયાના રોડ ઓફિસ તથા ગોડાઉન ભાડે આપવાના છે. Contact. ૯૩૧૩૨૨૮૬૩૬
મકાન ભાડે
છે. સરદારનગરમાં ચોકડા પાસે, ૨ રૂમ રસોડું. સંપર્ક - ૮૦૦૦૧૧૧૧૪૨
ભાડેથી ફ્લેટ
ઘોઘા સર્કલ ઘોઘા સર્કલ ૩BHK ફર્નિસ્ડ ૬૫૦૦૦, ફ્લેટ, કાળીયાબીડ, હિલડ્રાઇવ, ટેનામેન્ટ, વાઘાવાડી, કાળાનાળા, વિદ્યાનગર. મો. ૯૫૫૮૧૫૦૭૫૩.
મકાન ભાડે
કાળીયાબીડ માં વ્યાજબી ભાવથી સ્વતંત્ર ટેનામેન્ટ ભાડે આપવાનો છે મો - ૯૪ ૨૬ ૨૪ ૧૧૮૦
ભાડેથી આપવાના
લકઝરીયસ પ્રોપર્ટી ફ્લેટ, ટેનામેન્ટ, બંગલો, તેમજ ઓફિસ, શોપ ફર્નિસ્ડ અને સેમી ફર્નિસ્ડ ભાવનગરના દરેક સિટી એરીયામાં વિધાનગર, હિલડ્રાઈવ, ઈસ્કોન, કાળીયાબીડ, વિજયરાજનગર, વિધ્યાનગર, રૂપાણી, મહિલાકોલેજ, મેઘાણી સર્કલ, ઘોઘા સર્કલ, ડીમાર્ટ સંપર્ક- ૯૭૧૨૯૩૭૦૭૦
ભાડે આપવાનું છે
ફર્નિશ ઓફિસ ભાડે આપવાની છે. ઘોઘાસર્કલ પાસે ભાડે આપવાની છે. મો. ૭૭૩૩૫૫૮૮૮૮.
ભાડેથી આપવાના
સુમેરૂ, રિંગરોડ, તળાજાજકાત, સુભાષનગર, ભાવનગર, સાગવાડી, સરદારનગર, હિલડ્રાઈવ, ઈસ્કોન મેગાસિટી, આંબાવાડી, ઘોઘાસર્કલ, ટોપથ્રી, કાળીયાબીડ, ગીતાચોક, દિગ્વિજય, કાળાનાળા, દેવુબાગ. ભાડે-લેવા દેવા ૭૦૧૬૩૬૨૪૬૫
ભાડે આપવાનું
૪૦૦ વાર પ્લોટમાં ૩BHK બંગલો કોમર્શિયલ ઉપયોગ કરી શકો ટ્યુશન ક્લાસ કોમ્પ્યુટર ક્લાસ સંગીત ક્લાસ તથા પ્લે હાઉસ માટે રોટરી ભરતનગર ચોકડી દેરાસર પાસે. ૯૪૨૮૪૩૧૦૯૯.
ધંધાદારી
પેન્શન યોજના
સરકારમાન્ય યોજનામાં માત્ર કરવાની સાથે જીવનભર પેન્શન મેળવો. સિનિયર સિટીઝન માટે રોકાણ માટે ભક્ર ઇન્વેસ્ટમેન્ટ- મો.૯૩૭૪૨૧૩૧૭૫.
કેતન ઇલેક્ટ્રીક
સ્ટોર ઇલેક્ટ્રીક રિપેરિંગ કામ ઘરે આવીને કરી આપીશુ એરકૂલર, પંખા, ઘોડી, ગીઝર, એરકન્ડીશન, પાણીની મોટર, સબમર્સીબલ પંપ મો.૯૯૨૪૧૧૪૬૧૫
જય અંબે
આલ્ફા એસ્ટેર રિપેરીંગ ઇલેક્ટ્રોમિકલ ફીટઅપ ઓપન સ્પેર પાર્ટસ ભાવનગર બુક ઓર્ડર એક્સપર્ટ મિસ્ત્રી જય એમ ટ્રીજી કારીગર માટે કોલ કરો ભાવનગર ૯૮૨૪૪૮૫૧૧૪
કમાવાની સુવર્ણતક
શું ? તમે સાઈડ ઇન્કમ કમાવા માંગો છો LIC ના સરકારમાન્ય એજન્ટ બની મહિને ૨૦થી ૨૫ હજાર કમાવ લેડીઝ/ જેન્સ મો.૯૪૨૭૫૦૩૮૭૩.
રીનોવેશન કામ
સલાટ, પ્લાસ્ટર, લાદી, ઇલેક્ટ્રિકસન, પ્લમ્બિંગ મજૂરી તથા માલ સામાન સાથે કરી આપીશું. મો. ૯૬૮૭૧૩૮૧૬૩.
રીનોવેશન સ્પેશ્યાલીસ્ટ મકાન ફ્લેટ ઓફિસ, મકાન રીનોવેશન ચણતર, પ્લાસ્ટર કલરકામ, પ્લમ્બિંગ, સેન્ટીગ તોડફોડ વગેરે કામ મજુરી તથા માલ સામાન સાથે કરી આપીશું. મો.૯૧૦૪૦૨૯૩૧૫.
મિસ્ત્રી કચુતર
જાળી, સ્લાઈડીંગ નેટ બર્ડ સ્પાઇક, મધમાખી, મચ્છર ફીટીંગ, ફીટીંગ બિજીનેસનું આ કામ ખાનદાની મો. ૯૪૨૯૦૯૫૪૨૧, રોયલ નેટ ૯૬૮૭૯૨૭૧૭૨
શિવશક્તિ રેફ્રિજરેટર
ફ્રીજ કંપનીના, ફ્રીજ એસી (A.C), ફ્રિડિંગ સર્વિસ તથા રિપેરીંગ વ્યાજબી ભાવે કરી આપીશું મો. ૯૦૦૦૪૮૫૧૫૪
દુકાને બેસવા
અને રૈનીક-કોલિંગ માટે બે ૧૦ ૧૨ પાસ/નાપાસ માણસ જરૂર છે ૭૪૩૩૮૮૬૯૬૦
તમામ પ્રકારની POP સીલિંગ, જીપ્સમ સીલિંગ કોમ્પ્લેક્ષ પ્રોજેક્ટ કામ કરી આપીશું મો. ૯૫૫૮૧૪૯૫૫૫, ૭૯૯૦૬૦૦૭૬૫.
મોટર રીવાઇન્ડિંગ
A/C, ફ્રીજ વોશીંગ મશીનના સ્પેર પાર્ટસ તેમજ A/C ફિટિંગ માટે સ્ટેન્ડ પાઇપિંગ સાથે કોલોનીઓ વ્યાજબી ભાવે અમારે ત્યાંથી મળશે. શોપ નં.૩૮, ૩૯, ૪૬ પાર્ક કોમ્પ્લેક્સ, મેઘાણી સર્કલ પાસે, ઘોઘારોડ. મો.૯૮૨૪૨૪૫૩૭૧.
ગેસવાળા ગેસ ગીઝર
ગેસના ચુલા તથા ગેસ ગીઝર રીપેરિંગ કામ વાજબી ભાવે કરી આપવામાં આવશે. મો. ૯૬૬૪૮૨૮૨૫૩
સોલ અફવ
વ્યાજબી ભાવે. એક્ટીવ અવર, ગોલ્ડ અવર, LED આવે, પેન્ટીંગ કામ, આવર રીપેરીંગ, ફીટીંગ કામ, પેન્ટેંટર ડિસ્ક ફર્મ -૯૮૨૪૫૮૫૩૭૦. વ્રષ્ણા, પાલનપુરીએ, પાયેલિયાનો દેવો.
ગુજરાત સમાચાર
હવે ટચુકડી અને ક્લાસીફાઈડ ડિસ્પ્લે જાહેરખબર આપો એકદમ સરળ. મંગળવારથી રવિવાર સુધી દરરોજ ટચુકડી જા.ખ. અને ક્લાસીફાઈડ ડિસ્પ્લેની જાહેરખબર પ્રસિદ્ધ કરાવવા આપો.
વધુ માહિતી માટે સંપર્ક કરો. Mo. ૮૭૯૯૨૩૬૦૫૨
cmyk
